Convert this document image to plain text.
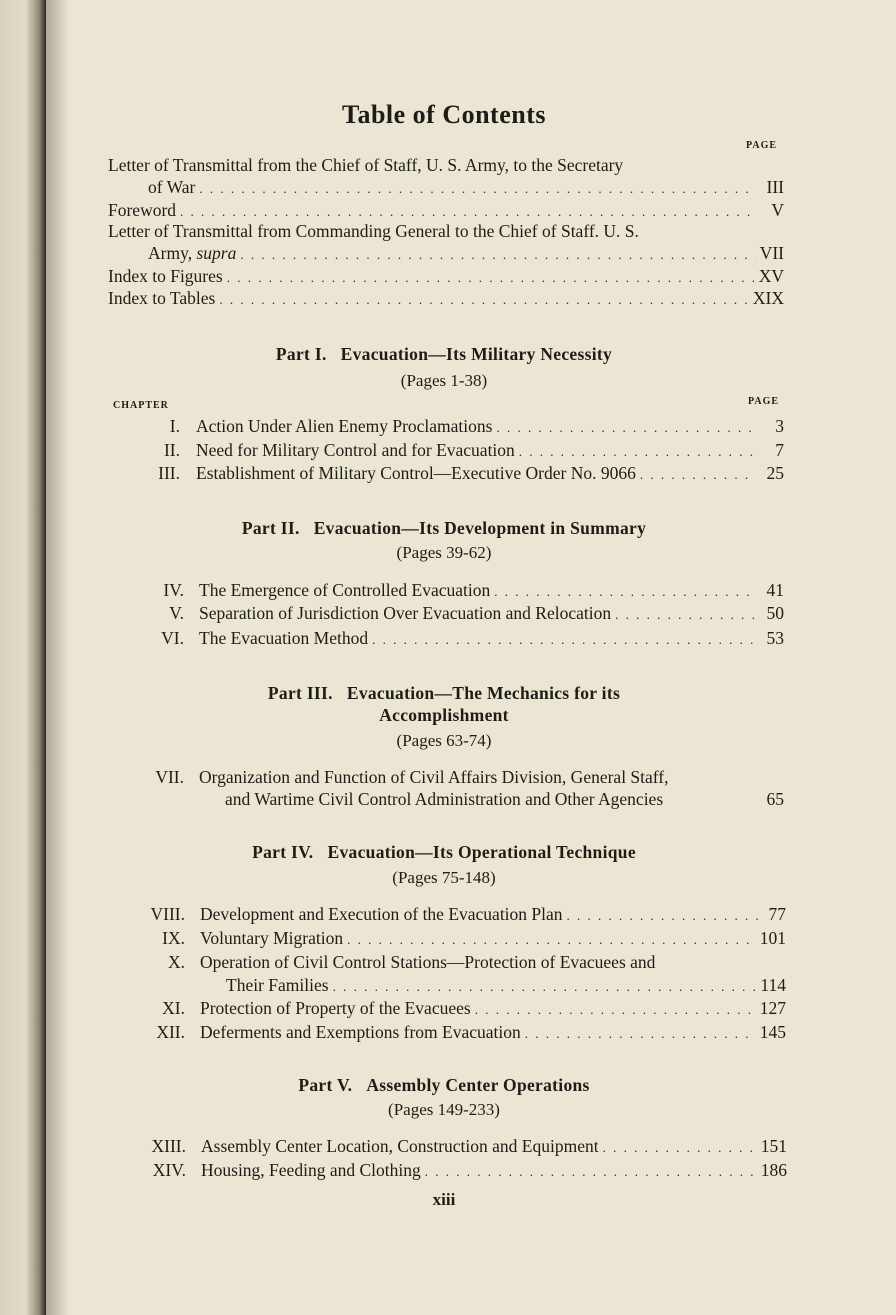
Table of Contents
PAGE
Letter of Transmittal from the Chief of Staff, U. S. Army, to the Secretary
of War . . .	III
Foreword . . .	V
Letter of Transmittal from Commanding General to the Chief of Staff. U. S.
Army, supra . . .	VII
Index to Figures . . .	XV
Index to Tables . . .	XIX
Part I. Evacuation—Its Military Necessity
(Pages 1-38)
CHAPTER	PAGE
I. Action Under Alien Enemy Proclamations . . .	3
II. Need for Military Control and for Evacuation . . .	7
III. Establishment of Military Control—Executive Order No. 9066 . . .	25
Part II. Evacuation—Its Development in Summary
(Pages 39-62)
IV. The Emergence of Controlled Evacuation . . .	41
V. Separation of Jurisdiction Over Evacuation and Relocation . . .	50
VI. The Evacuation Method . . .	53
Part III. Evacuation—The Mechanics for its
Accomplishment
(Pages 63-74)
VII. Organization and Function of Civil Affairs Division, General Staff,
and Wartime Civil Control Administration and Other Agencies	65
Part IV. Evacuation—Its Operational Technique
(Pages 75-148)
VIII. Development and Execution of the Evacuation Plan . . .	77
IX. Voluntary Migration . . .	101
X. Operation of Civil Control Stations—Protection of Evacuees and
Their Families . . .	114
XI. Protection of Property of the Evacuees . . .	127
XII. Deferments and Exemptions from Evacuation . . .	145
Part V. Assembly Center Operations
(Pages 149-233)
XIII. Assembly Center Location, Construction and Equipment . . .	151
XIV. Housing, Feeding and Clothing . . .	186
xiii
